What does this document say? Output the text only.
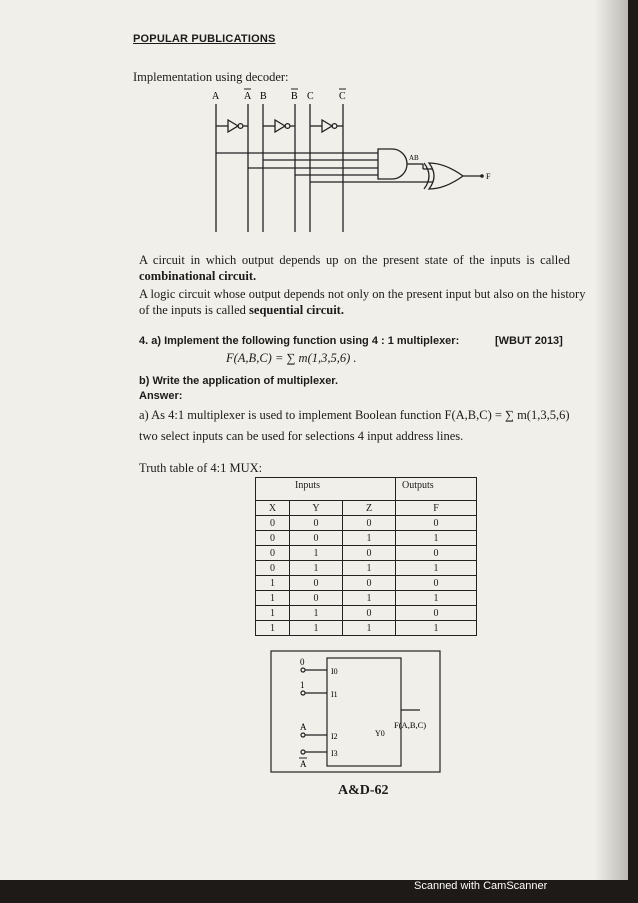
POPULAR PUBLICATIONS
Implementation using decoder:
A A B B C	C
AB
F
A circuit in which output depends up on the present state of the inputs is called
combinational circuit.
A logic circuit whose output depends not only on the present input but also on the history
of the inputs is called sequential circuit.
4. a) Implement the following function using 4 : 1 multiplexer:	[WBUT 2013]
F(A,B,C) = ∑ m(1,3,5,6) .
b) Write the application of multiplexer.
Answer:
a) As 4:1 multiplexer is used to implement Boolean function F(A,B,C) = ∑ m(1,3,5,6)
two select inputs can be used for selections 4 input address lines.
Truth table of 4:1 MUX:
Inputs	Outputs

X	Y	Z	F
0	0	0	0
0	0	1	1
0	1	0	0
0	1	1	1
1	0	0	0
1	0	1	1
1	1	0	0
1	1	1	1
0
1
A
A
I0
I1
I2
I3
Y0
F(A,B,C)
A&D-62
Scanned with CamScanner
